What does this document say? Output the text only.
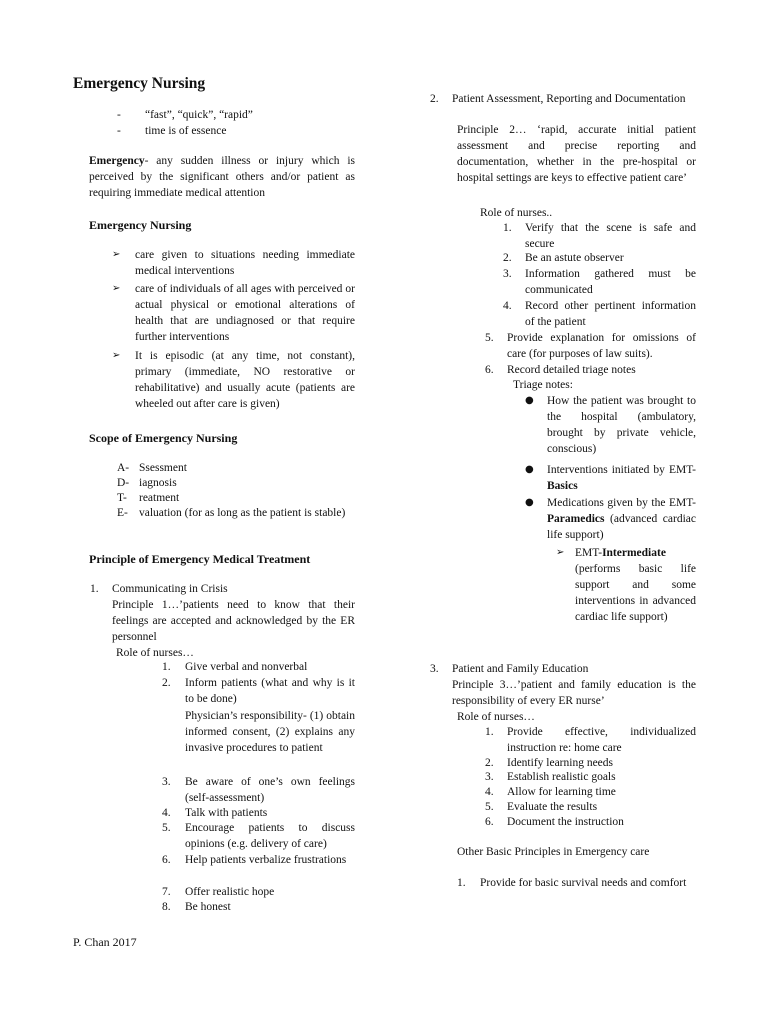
Emergency Nursing
- “fast”, “quick”, “rapid”
- time is of essence
Emergency- any sudden illness or injury which is perceived by the significant others and/or patient as requiring immediate medical attention
Emergency Nursing
➢	care given to situations needing immediate medical interventions
➢	care of individuals of all ages with perceived or actual physical or emotional alterations of health that are undiagnosed or that require further interventions
➢	It is episodic (at any time, not constant), primary (immediate, NO restorative or rehabilitative) and usually acute (patients are wheeled out after care is given)
Scope of Emergency Nursing
A- Ssessment
D- iagnosis
T-	reatment
E- valuation (for as long as the patient is stable)
Principle of Emergency Medical Treatment
1. Communicating in Crisis
Principle 1…’patients need to know that their feelings are accepted and acknowledged by the ER personnel
Role of nurses…
1.	Give verbal and nonverbal
2.	Inform patients (what and why is it to be done)
Physician’s responsibility- (1) obtain informed consent, (2) explains any invasive procedures to patient
3.	Be aware of one’s own feelings (self-assessment)
4.	Talk with patients
5.	Encourage patients to discuss opinions (e.g. delivery of care)
6.	Help patients verbalize frustrations
7.	Offer realistic hope
8.	Be honest
P. Chan 2017
2. Patient Assessment, Reporting and Documentation
Principle 2… ‘rapid, accurate initial patient assessment and precise reporting and documentation, whether in the pre-hospital or hospital settings are keys to effective patient care’
Role of nurses..
1.	Verify that the scene is safe and secure
2.	Be an astute observer
3.	Information gathered must be communicated
4.	Record other pertinent information of the patient
5.	Provide explanation for omissions of care (for purposes of law suits).
6.	Record detailed triage notes
Triage notes:
●	How the patient was brought to the hospital (ambulatory, brought by private vehicle, conscious)
●	Interventions initiated by EMT-Basics
●	Medications given by the EMT-Paramedics (advanced cardiac life support)
➢ EMT-Intermediate (performs basic life support and some interventions in advanced cardiac life support)
3. Patient and Family Education
Principle 3…’patient and family education is the responsibility of every ER nurse’
Role of nurses…
1.	Provide effective, individualized instruction re: home care
2.	Identify learning needs
3.	Establish realistic goals
4.	Allow for learning time
5.	Evaluate the results
6.	Document the instruction
Other Basic Principles in Emergency care
1.	Provide for basic survival needs and comfort
